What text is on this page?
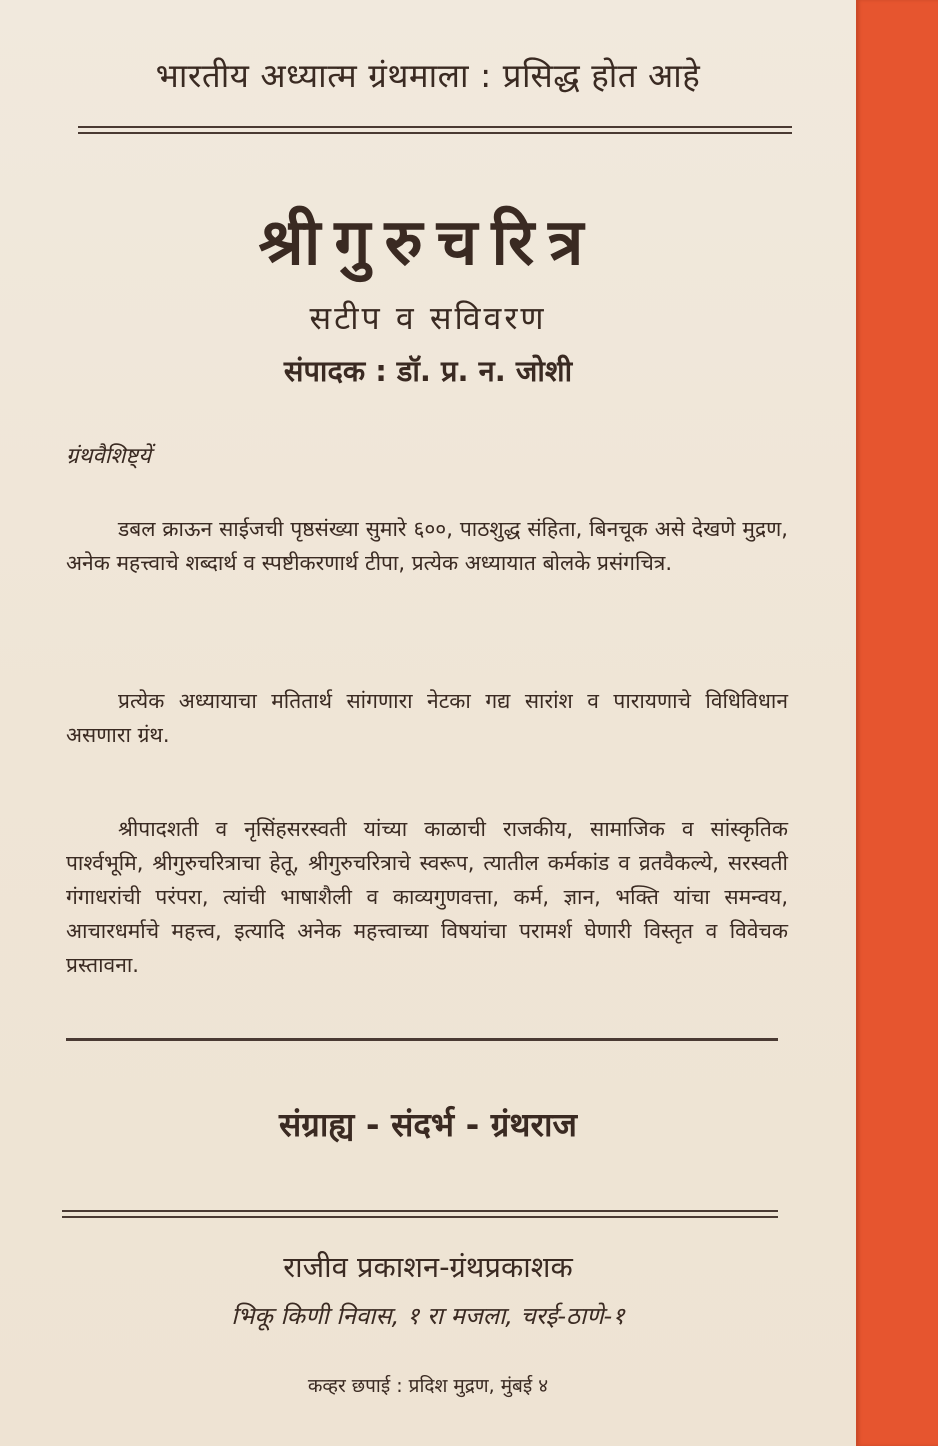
भारतीय अध्यात्म ग्रंथमाला : प्रसिद्ध होत आहे
श्रीगुरुचरित्र
सटीप व सविवरण
संपादक : डॉ. प्र. न. जोशी
ग्रंथवैशिष्ट्यें
डबल क्राऊन साईजची पृष्ठसंख्या सुमारे ६००, पाठशुद्ध संहिता, बिनचूक असे देखणे मुद्रण, अनेक महत्त्वाचे शब्दार्थ व स्पष्टीकरणार्थ टीपा, प्रत्येक अध्यायात बोलके प्रसंगचित्र.
प्रत्येक अध्यायाचा मतितार्थ सांगणारा नेटका गद्य सारांश व पारायणाचे विधिविधान असणारा ग्रंथ.
श्रीपादशती व नृसिंहसरस्वती यांच्या काळाची राजकीय, सामाजिक व सांस्कृतिक पार्श्वभूमि, श्रीगुरुचरित्राचा हेतू, श्रीगुरुचरित्राचे स्वरूप, त्यातील कर्मकांड व व्रतवैकल्ये, सरस्वती गंगाधरांची परंपरा, त्यांची भाषाशैली व काव्यगुणवत्ता, कर्म, ज्ञान, भक्ति यांचा समन्वय, आचारधर्माचे महत्त्व, इत्यादि अनेक महत्त्वाच्या विषयांचा परामर्श घेणारी विस्तृत व विवेचक प्रस्तावना.
संग्राह्य - संदर्भ - ग्रंथराज
राजीव प्रकाशन-ग्रंथप्रकाशक
भिकू किणी निवास, १ रा मजला, चरई-ठाणे-१
कव्हर छपाई : प्रदिश मुद्रण, मुंबई ४
